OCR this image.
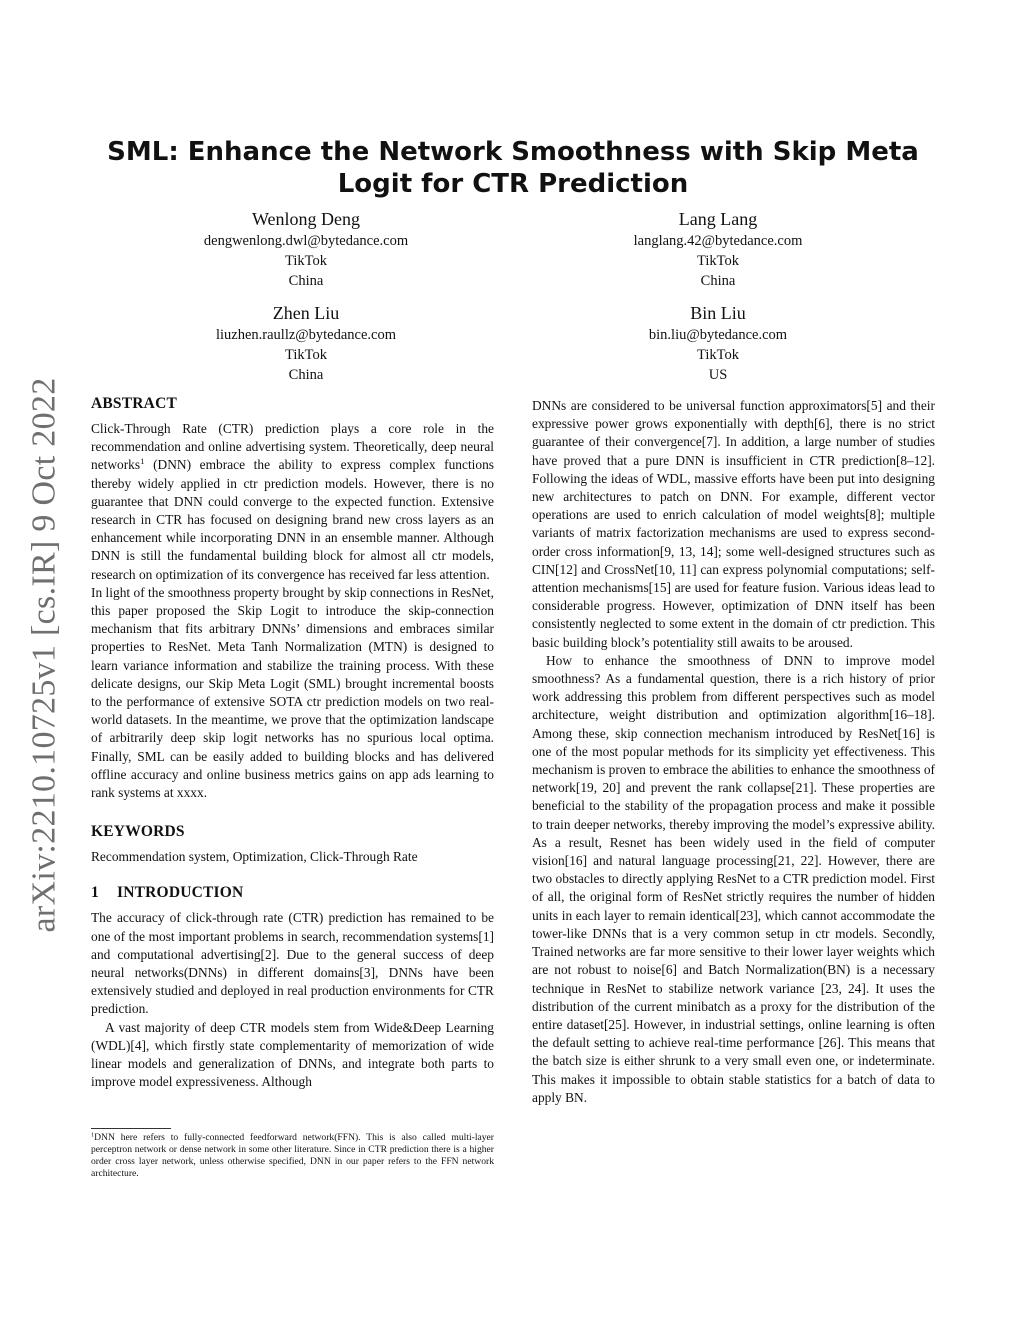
arXiv:2210.10725v1 [cs.IR] 9 Oct 2022
SML: Enhance the Network Smoothness with Skip Meta Logit for CTR Prediction
Wenlong Deng
dengwenlong.dwl@bytedance.com
TikTok
China
Lang Lang
langlang.42@bytedance.com
TikTok
China
Zhen Liu
liuzhen.raullz@bytedance.com
TikTok
China
Bin Liu
bin.liu@bytedance.com
TikTok
US
ABSTRACT

Click-Through Rate (CTR) prediction plays a core role in the recommendation and online advertising system. Theoretically, deep neural networks$^1$ (DNN) embrace the ability to express complex functions thereby widely applied in ctr prediction models. However, there is no guarantee that DNN could converge to the expected function. Extensive research in CTR has focused on designing brand new cross layers as an enhancement while incorporating DNN in an ensemble manner. Although DNN is still the fundamental building block for almost all ctr models, research on optimization of its convergence has received far less attention.

In light of the smoothness property brought by skip connections in ResNet, this paper proposed the Skip Logit to introduce the skip-connection mechanism that fits arbitrary DNNs’ dimensions and embraces similar properties to ResNet. Meta Tanh Normalization (MTN) is designed to learn variance information and stabilize the training process. With these delicate designs, our Skip Meta Logit (SML) brought incremental boosts to the performance of extensive SOTA ctr prediction models on two real-world datasets. In the meantime, we prove that the optimization landscape of arbitrarily deep skip logit networks has no spurious local optima. Finally, SML can be easily added to building blocks and has delivered offline accuracy and online business metrics gains on app ads learning to rank systems at xxxx.

KEYWORDS

Recommendation system, Optimization, Click-Through Rate

1 INTRODUCTION

The accuracy of click-through rate (CTR) prediction has remained to be one of the most important problems in search, recommendation systems[1] and computational advertising[2]. Due to the general success of deep neural networks(DNNs) in different domains[3], DNNs have been extensively studied and deployed in real production environments for CTR prediction.

A vast majority of deep CTR models stem from Wide&Deep Learning (WDL)[4], which firstly state complementarity of memorization of wide linear models and generalization of DNNs, and integrate both parts to improve model expressiveness. Although

$^1$DNN here refers to fully-connected feedforward network(FFN). This is also called multi-layer perceptron network or dense network in some other literature. Since in CTR prediction there is a higher order cross layer network, unless otherwise specified, DNN in our paper refers to the FFN network architecture.

DNNs are considered to be universal function approximators[5] and their expressive power grows exponentially with depth[6], there is no strict guarantee of their convergence[7]. In addition, a large number of studies have proved that a pure DNN is insufficient in CTR prediction[8–12]. Following the ideas of WDL, massive efforts have been put into designing new architectures to patch on DNN. For example, different vector operations are used to enrich calculation of model weights[8]; multiple variants of matrix factorization mechanisms are used to express second-order cross information[9, 13, 14]; some well-designed structures such as CIN[12] and CrossNet[10, 11] can express polynomial computations; self-attention mechanisms[15] are used for feature fusion. Various ideas lead to considerable progress. However, optimization of DNN itself has been consistently neglected to some extent in the domain of ctr prediction. This basic building block’s potentiality still awaits to be aroused.

How to enhance the smoothness of DNN to improve model smoothness? As a fundamental question, there is a rich history of prior work addressing this problem from different perspectives such as model architecture, weight distribution and optimization algorithm[16–18]. Among these, skip connection mechanism introduced by ResNet[16] is one of the most popular methods for its simplicity yet effectiveness. This mechanism is proven to embrace the abilities to enhance the smoothness of network[19, 20] and prevent the rank collapse[21]. These properties are beneficial to the stability of the propagation process and make it possible to train deeper networks, thereby improving the model’s expressive ability. As a result, Resnet has been widely used in the field of computer vision[16] and natural language processing[21, 22]. However, there are two obstacles to directly applying ResNet to a CTR prediction model. First of all, the original form of ResNet strictly requires the number of hidden units in each layer to remain identical[23], which cannot accommodate the tower-like DNNs that is a very common setup in ctr models. Secondly, Trained networks are far more sensitive to their lower layer weights which are not robust to noise[6] and Batch Normalization(BN) is a necessary technique in ResNet to stabilize network variance [23, 24]. It uses the distribution of the current minibatch as a proxy for the distribution of the entire dataset[25]. However, in industrial settings, online learning is often the default setting to achieve real-time performance [26]. This means that the batch size is either shrunk to a very small even one, or indeterminate. This makes it impossible to obtain stable statistics for a batch of data to apply BN.
